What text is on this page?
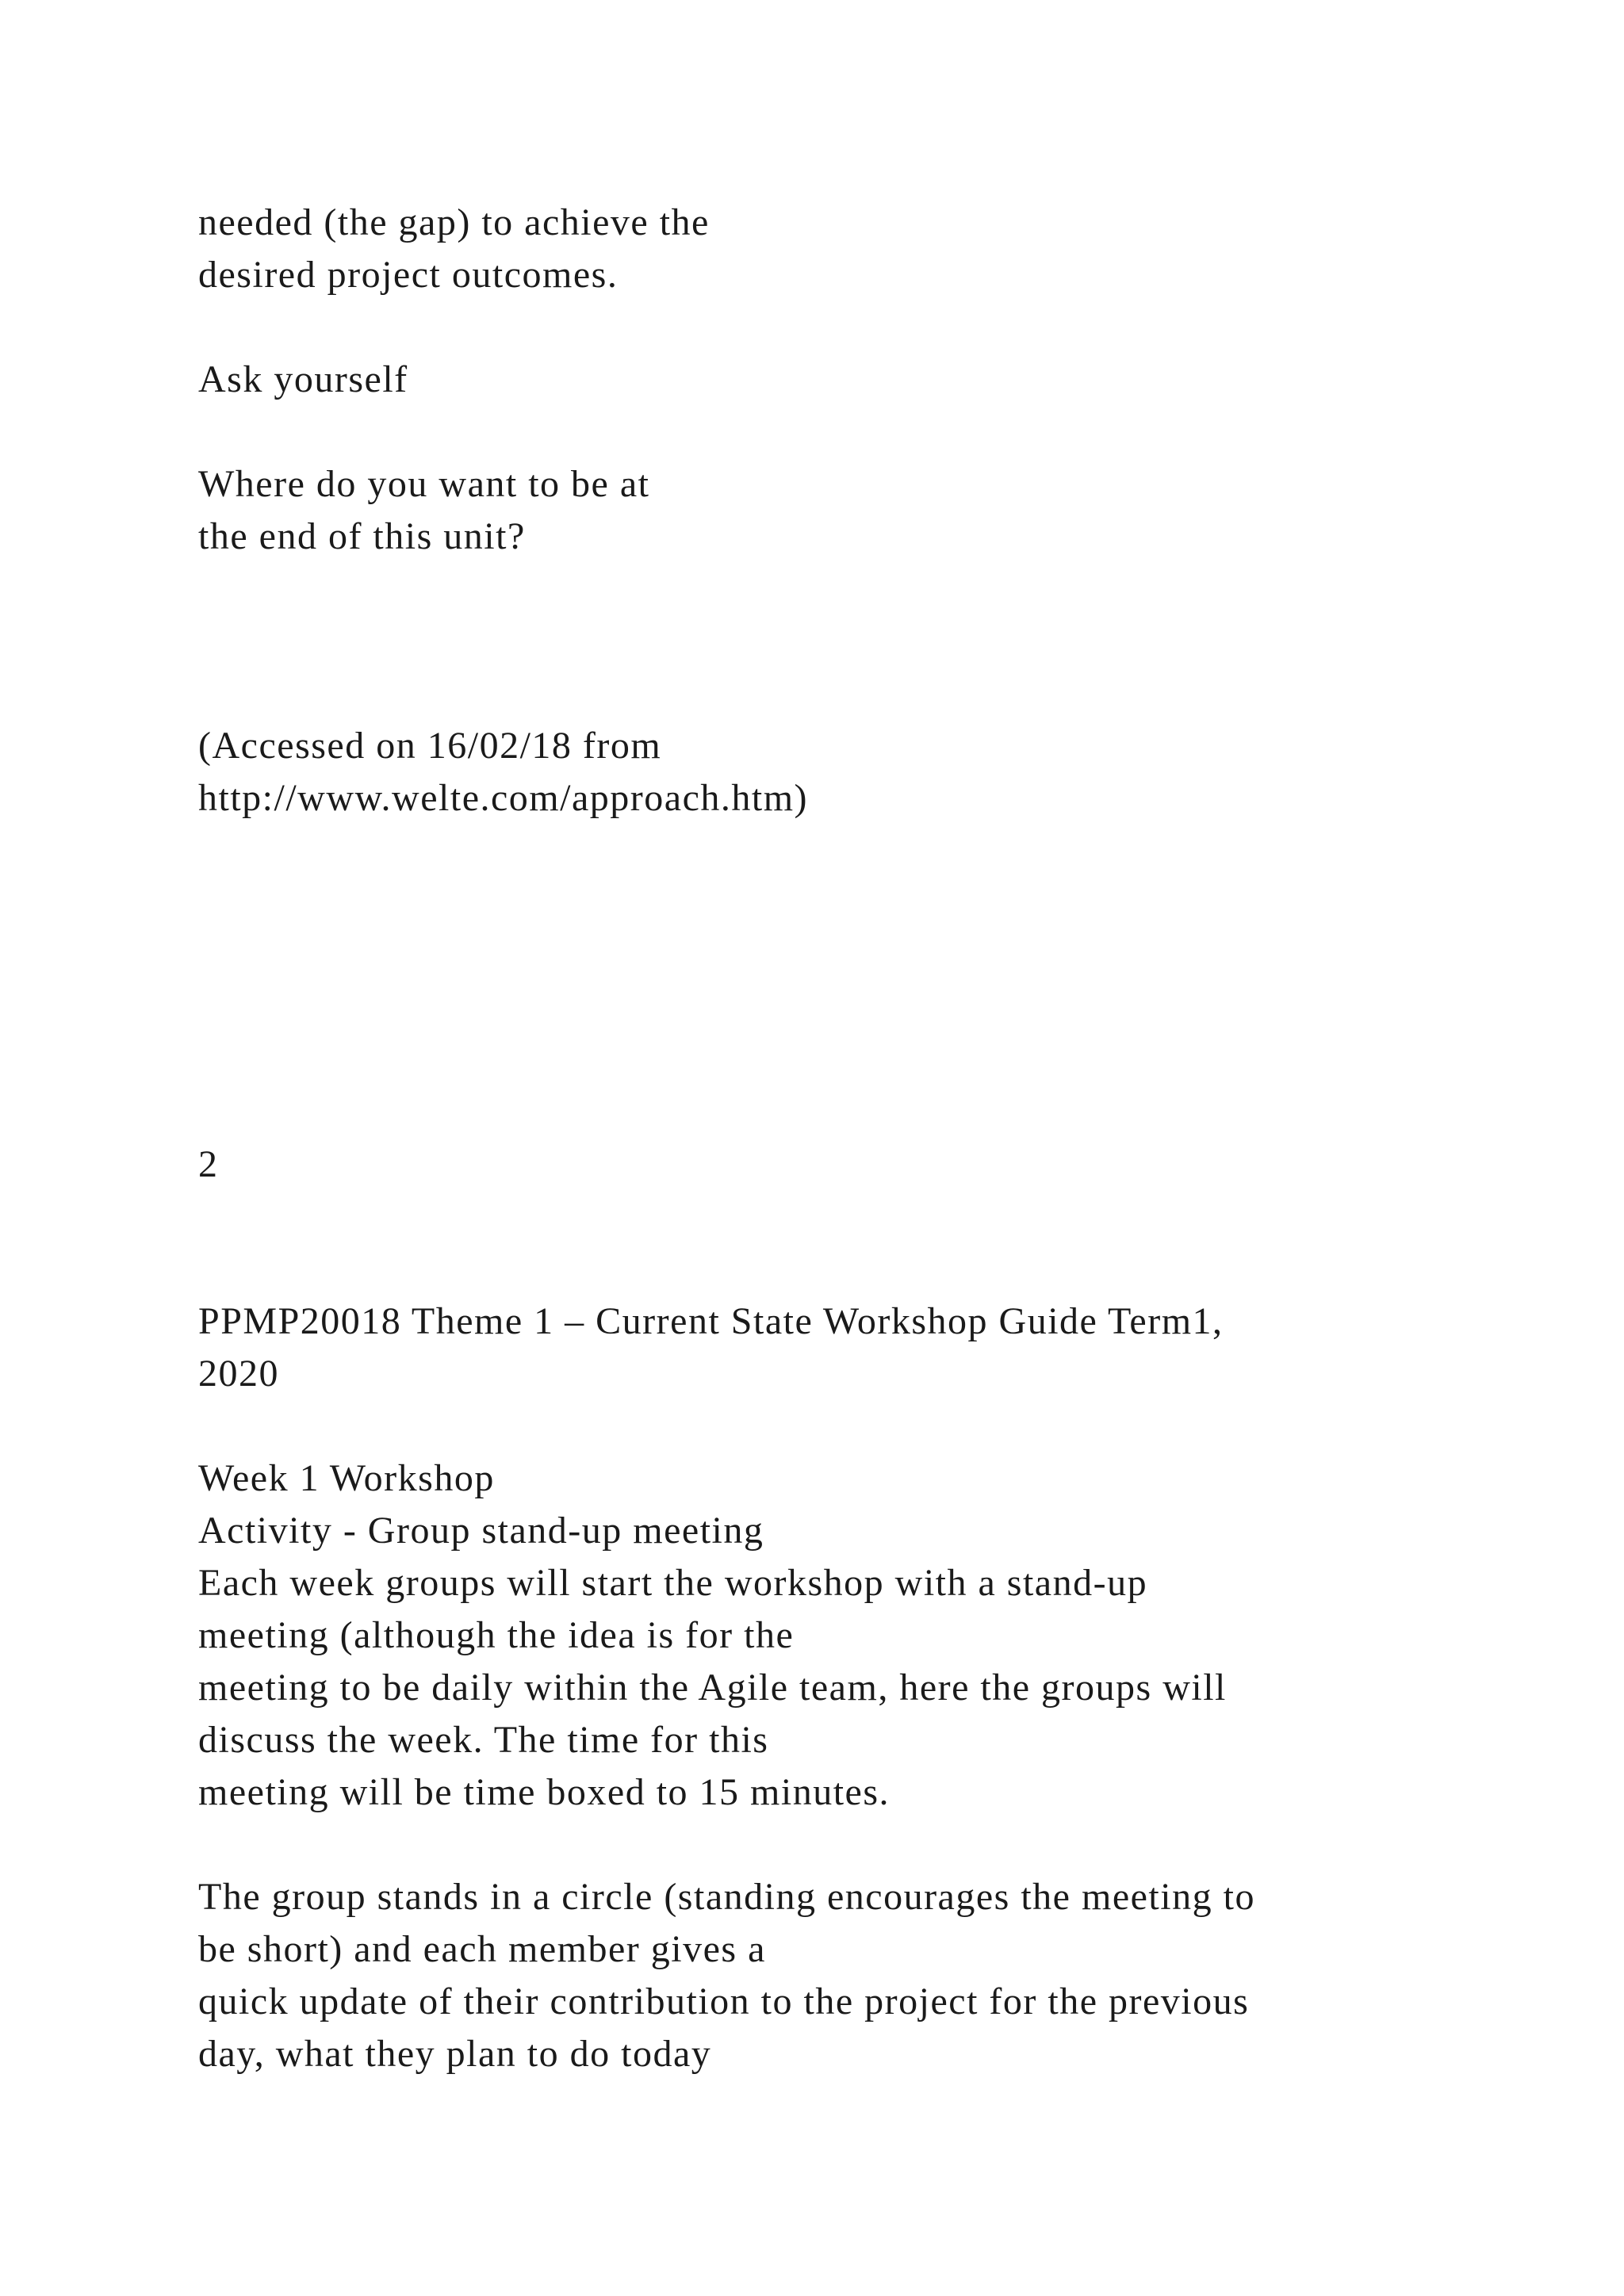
needed (the gap) to achieve the

desired project outcomes.

Ask yourself

Where do you want to be at

the end of this unit?

(Accessed on 16/02/18 from

http://www.welte.com/approach.htm)

2

PPMP20018 Theme 1 – Current State Workshop Guide Term1,

2020

Week 1 Workshop

Activity - Group stand-up meeting

Each week groups will start the workshop with a stand-up

meeting (although the idea is for the

meeting to be daily within the Agile team, here the groups will

discuss the week. The time for this

meeting will be time boxed to 15 minutes.

The group stands in a circle (standing encourages the meeting to

be short) and each member gives a

quick update of their contribution to the project for the previous

day, what they plan to do today
